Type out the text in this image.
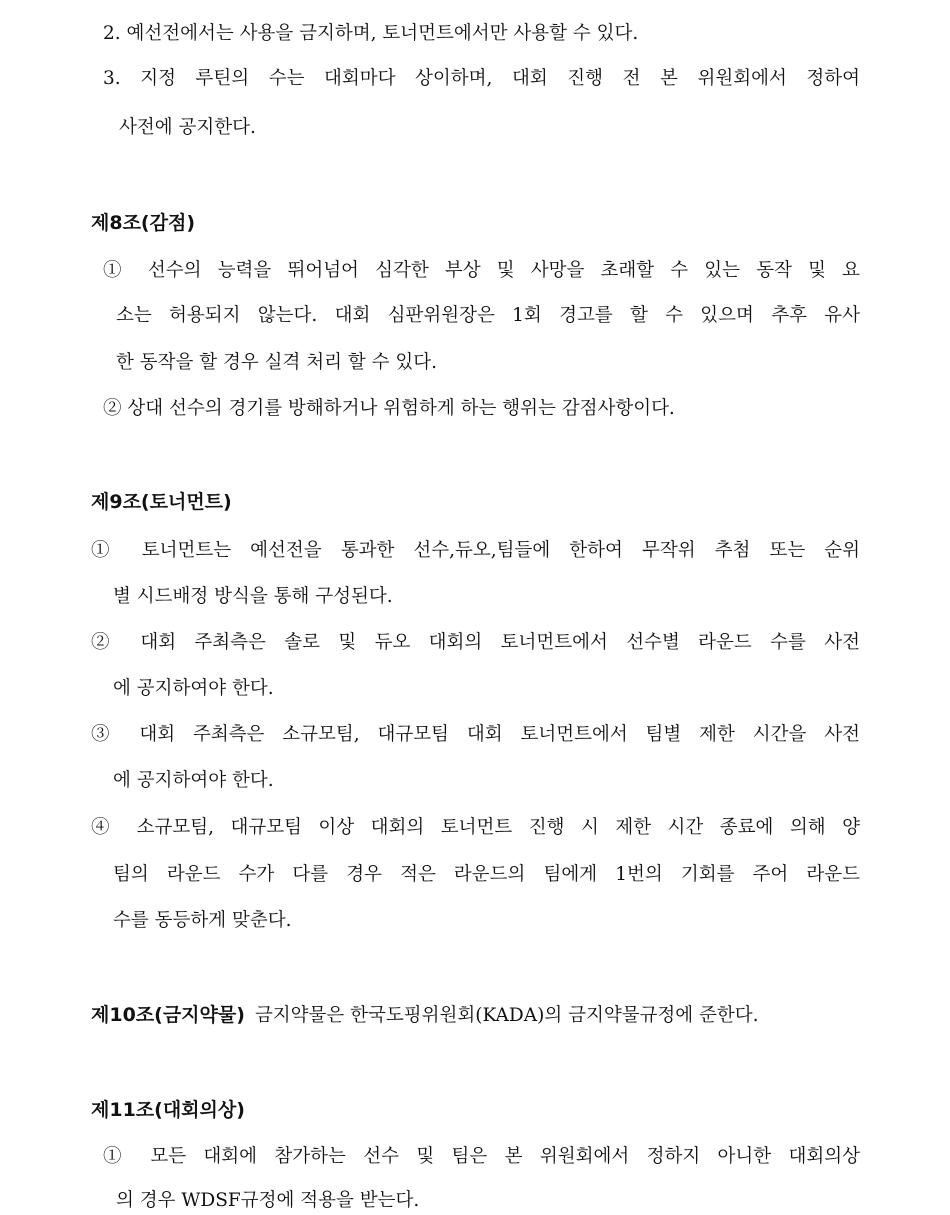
2. 예선전에서는 사용을 금지하며, 토너먼트에서만 사용할 수 있다.
3. 지정 루틴의 수는 대회마다 상이하며, 대회 진행 전 본 위원회에서 정하여
사전에 공지한다.
제8조(감점)
① 선수의 능력을 뛰어넘어 심각한 부상 및 사망을 초래할 수 있는 동작 및 요
소는 허용되지 않는다. 대회 심판위원장은 1회 경고를 할 수 있으며 추후 유사
한 동작을 할 경우 실격 처리 할 수 있다.
② 상대 선수의 경기를 방해하거나 위험하게 하는 행위는 감점사항이다.
제9조(토너먼트)
① 토너먼트는 예선전을 통과한 선수,듀오,팀들에 한하여 무작위 추첨 또는 순위
별 시드배정 방식을 통해 구성된다.
② 대회 주최측은 솔로 및 듀오 대회의 토너먼트에서 선수별 라운드 수를 사전
에 공지하여야 한다.
③ 대회 주최측은 소규모팀, 대규모팀 대회 토너먼트에서 팀별 제한 시간을 사전
에 공지하여야 한다.
④ 소규모팀, 대규모팀 이상 대회의 토너먼트 진행 시 제한 시간 종료에 의해 양
팀의 라운드 수가 다를 경우 적은 라운드의 팀에게 1번의 기회를 주어 라운드
수를 동등하게 맞춘다.
제10조(금지약물) 금지약물은 한국도핑위원회(KADA)의 금지약물규정에 준한다.
제11조(대회의상)
① 모든 대회에 참가하는 선수 및 팀은 본 위원회에서 정하지 아니한 대회의상
의 경우 WDSF규정에 적용을 받는다.
